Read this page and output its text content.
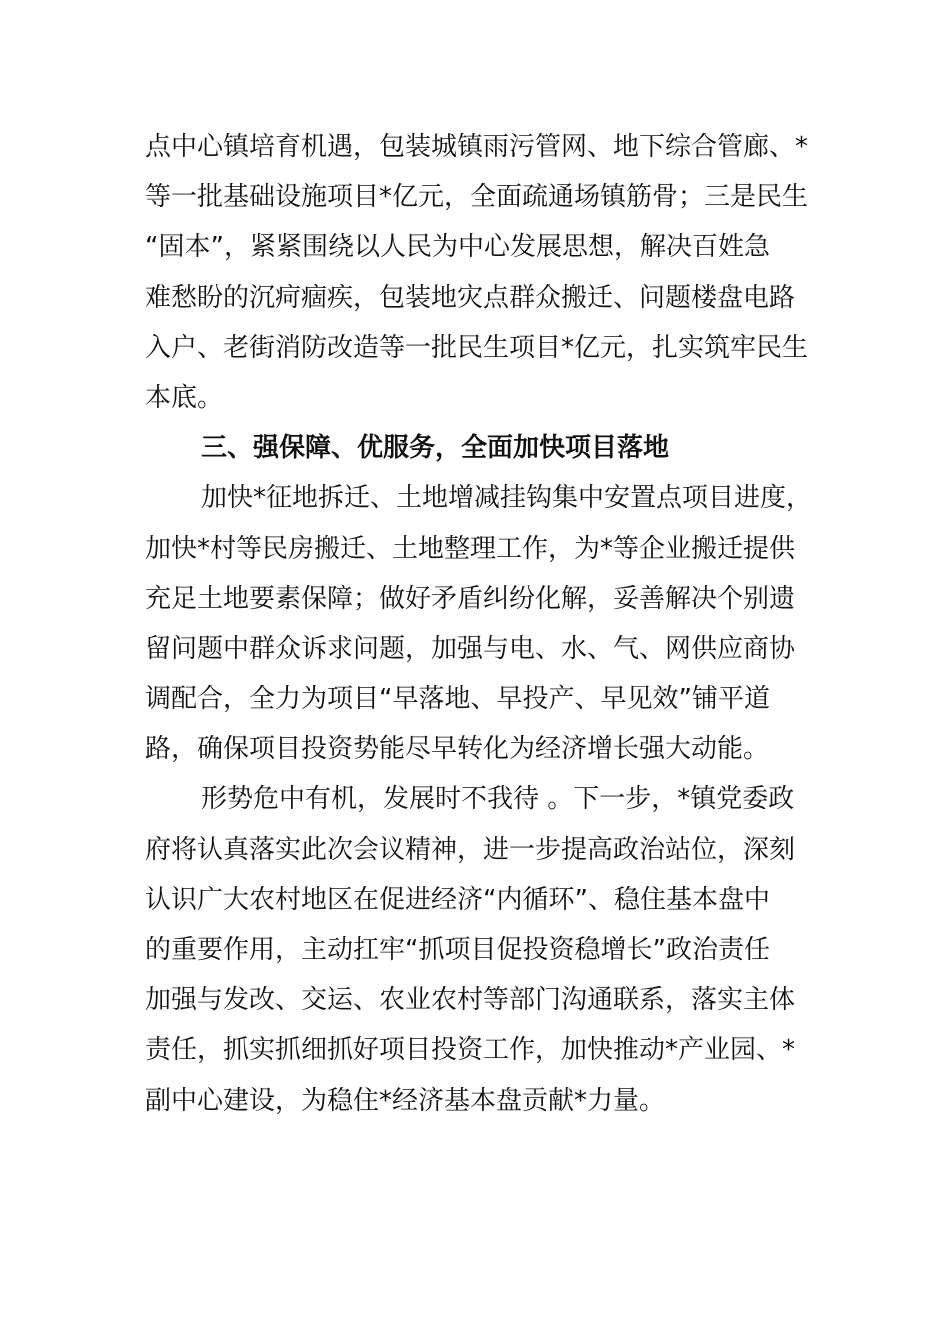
点中心镇培育机遇，包装城镇雨污管网、地下综合管廊、*
等一批基础设施项目*亿元，全面疏通场镇筋骨；三是民生
“固本”，紧紧围绕以人民为中心发展思想，解决百姓急
难愁盼的沉疴痼疾，包装地灾点群众搬迁、问题楼盘电路
入户、老街消防改造等一批民生项目*亿元，扎实筑牢民生
本底。
三、强保障、优服务，全面加快项目落地
加快*征地拆迁、土地增减挂钩集中安置点项目进度，
加快*村等民房搬迁、土地整理工作，为*等企业搬迁提供
充足土地要素保障；做好矛盾纠纷化解，妥善解决个别遗
留问题中群众诉求问题，加强与电、水、气、网供应商协
调配合，全力为项目“早落地、早投产、早见效”铺平道
路，确保项目投资势能尽早转化为经济增长强大动能。
形势危中有机，发展时不我待 。下一步，*镇党委政
府将认真落实此次会议精神，进一步提高政治站位，深刻
认识广大农村地区在促进经济“内循环”、稳住基本盘中
的重要作用，主动扛牢“抓项目促投资稳增长”政治责任
加强与发改、交运、农业农村等部门沟通联系，落实主体
责任，抓实抓细抓好项目投资工作，加快推动*产业园、*
副中心建设，为稳住*经济基本盘贡献*力量。
